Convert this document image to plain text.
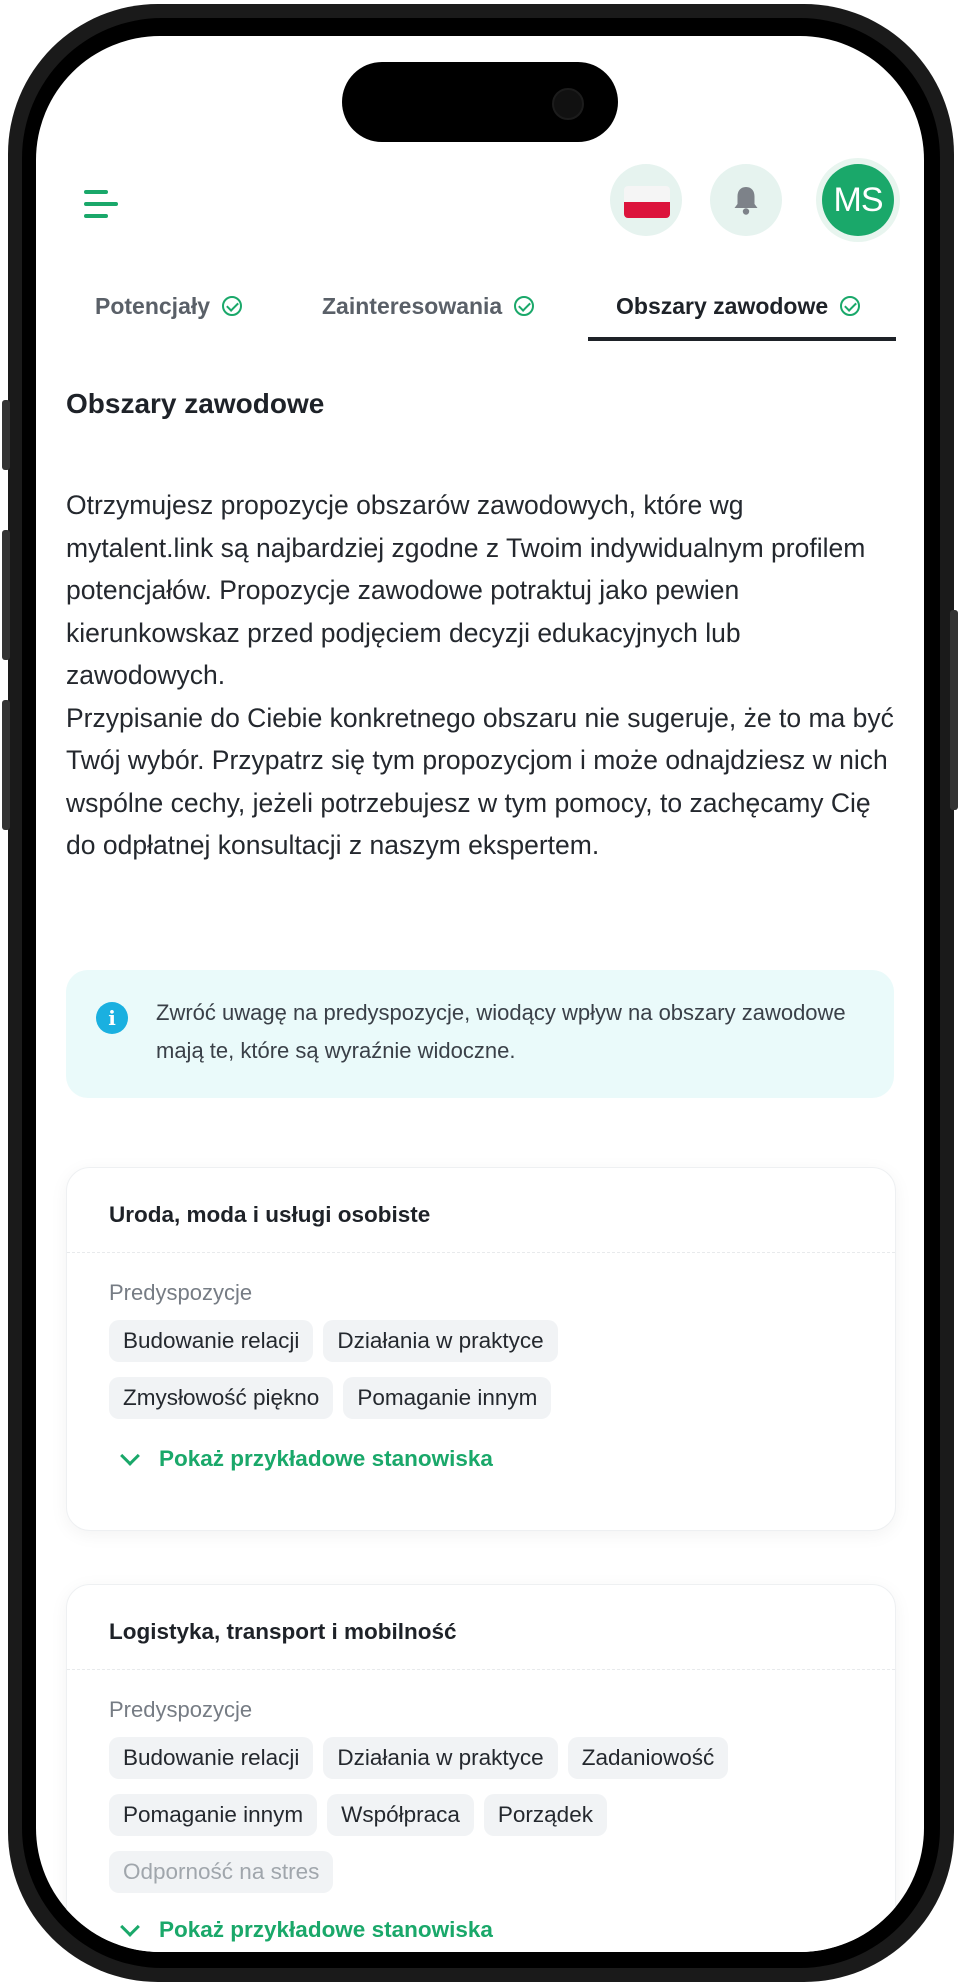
MS
Potencjały	Zainteresowania	Obszary zawodowe
Obszary zawodowe

Otrzymujesz propozycje obszarów zawodowych, które wg mytalent.link są najbardziej zgodne z Twoim indywidualnym profilem potencjałów. Propozycje zawodowe potraktuj jako pewien kierunkowskaz przed podjęciem decyzji edukacyjnych lub zawodowych.

Przypisanie do Ciebie konkretnego obszaru nie sugeruje, że to ma być Twój wybór. Przypatrz się tym propozycjom i może odnajdziesz w nich wspólne cechy, jeżeli potrzebujesz w tym pomocy, to zachęcamy Cię do odpłatnej konsultacji z naszym ekspertem.

i	Zwróć uwagę na predyspozycje, wiodący wpływ na obszary zawodowe mają te, które są wyraźnie widoczne.
Uroda, moda i usługi osobiste
Predyspozycje
Budowanie relacji Działania w praktyce
Zmysłowość piękno Pomaganie innym
Pokaż przykładowe stanowiska
Logistyka, transport i mobilność
Predyspozycje
Budowanie relacji Działania w praktyce Zadaniowość
Pomaganie innym Współpraca Porządek
Odporność na stres
Pokaż przykładowe stanowiska
